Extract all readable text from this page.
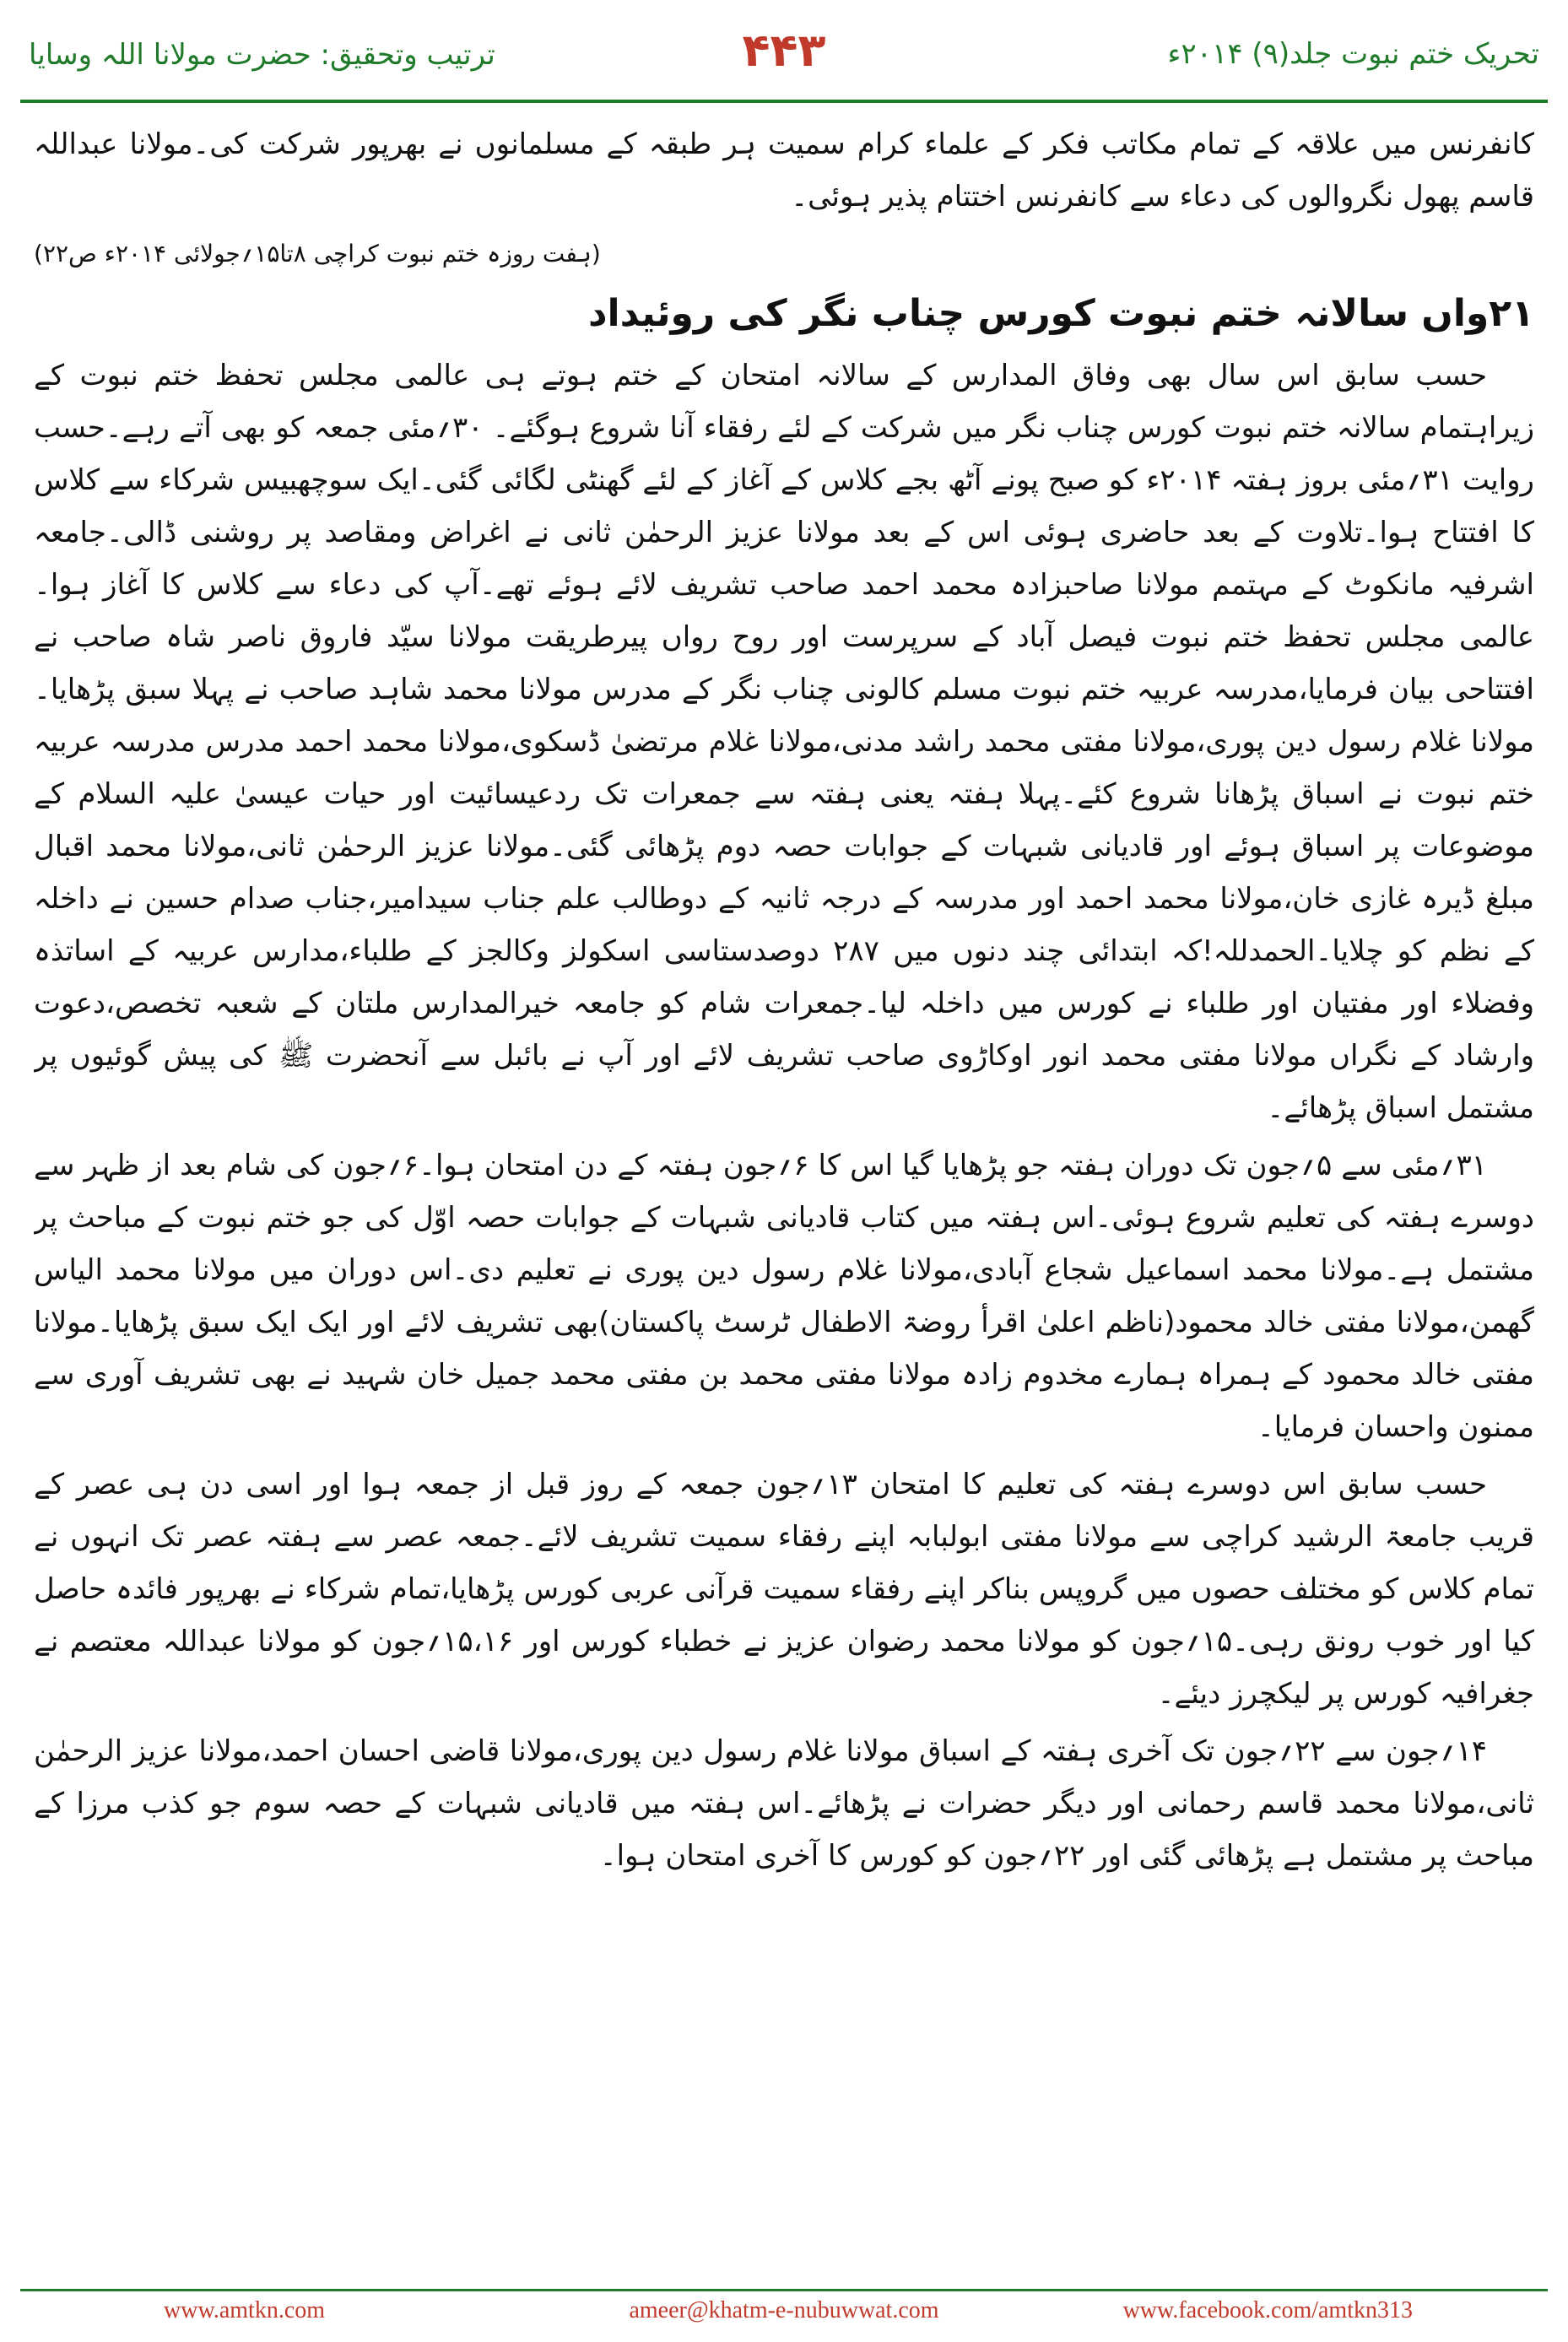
ترتیب وتحقیق: حضرت مولانا اللہ وسایا	۴۴۳	تحریک ختم نبوت جلد(۹) ۲۰۱۴ء

کانفرنس میں علاقہ کے تمام مکاتب فکر کے علماء کرام سمیت ہر طبقہ کے مسلمانوں نے بھرپور شرکت کی۔مولانا عبداللہ قاسم پھول نگروالوں کی دعاء سے کانفرنس اختتام پذیر ہوئی۔

(ہفت روزہ ختم نبوت کراچی ۸تا۱۵؍جولائی ۲۰۱۴ء ص۲۲)

۲۱واں سالانہ ختم نبوت کورس چناب نگر کی روئیداد

حسب سابق اس سال بھی وفاق المدارس کے سالانہ امتحان کے ختم ہوتے ہی عالمی مجلس تحفظ ختم نبوت کے زیراہتمام سالانہ ختم نبوت کورس چناب نگر میں شرکت کے لئے رفقاء آنا شروع ہوگئے۔ ۳۰؍مئی جمعہ کو بھی آتے رہے۔حسب روایت ۳۱؍مئی بروز ہفتہ ۲۰۱۴ء کو صبح پونے آٹھ بجے کلاس کے آغاز کے لئے گھنٹی لگائی گئی۔ایک سوچھبیس شرکاء سے کلاس کا افتتاح ہوا۔تلاوت کے بعد حاضری ہوئی اس کے بعد مولانا عزیز الرحمٰن ثانی نے اغراض ومقاصد پر روشنی ڈالی۔جامعہ اشرفیہ مانکوٹ کے مہتمم مولانا صاحبزادہ محمد احمد صاحب تشریف لائے ہوئے تھے۔آپ کی دعاء سے کلاس کا آغاز ہوا۔عالمی مجلس تحفظ ختم نبوت فیصل آباد کے سرپرست اور روح رواں پیرطریقت مولانا سیّد فاروق ناصر شاہ صاحب نے افتتاحی بیان فرمایا،مدرسہ عربیہ ختم نبوت مسلم کالونی چناب نگر کے مدرس مولانا محمد شاہد صاحب نے پہلا سبق پڑھایا۔مولانا غلام رسول دین پوری،مولانا مفتی محمد راشد مدنی،مولانا غلام مرتضیٰ ڈسکوی،مولانا محمد احمد مدرس مدرسہ عربیہ ختم نبوت نے اسباق پڑھانا شروع کئے۔پہلا ہفتہ یعنی ہفتہ سے جمعرات تک ردعیسائیت اور حیات عیسیٰ علیہ السلام کے موضوعات پر اسباق ہوئے اور قادیانی شبہات کے جوابات حصہ دوم پڑھائی گئی۔مولانا عزیز الرحمٰن ثانی،مولانا محمد اقبال مبلغ ڈیرہ غازی خان،مولانا محمد احمد اور مدرسہ کے درجہ ثانیہ کے دوطالب علم جناب سیدامیر،جناب صدام حسین نے داخلہ کے نظم کو چلایا۔الحمدللہ!کہ ابتدائی چند دنوں میں ۲۸۷ دوصدستاسی اسکولز وکالجز کے طلباء،مدارس عربیہ کے اساتذہ وفضلاء اور مفتیان اور طلباء نے کورس میں داخلہ لیا۔جمعرات شام کو جامعہ خیرالمدارس ملتان کے شعبہ تخصص،دعوت وارشاد کے نگراں مولانا مفتی محمد انور اوکاڑوی صاحب تشریف لائے اور آپ نے بائبل سے آنحضرت ﷺ کی پیش گوئیوں پر مشتمل اسباق پڑھائے۔

۳۱؍مئی سے ۵؍جون تک دوران ہفتہ جو پڑھایا گیا اس کا ۶؍جون ہفتہ کے دن امتحان ہوا۔۶؍جون کی شام بعد از ظہر سے دوسرے ہفتہ کی تعلیم شروع ہوئی۔اس ہفتہ میں کتاب قادیانی شبہات کے جوابات حصہ اوّل کی جو ختم نبوت کے مباحث پر مشتمل ہے۔مولانا محمد اسماعیل شجاع آبادی،مولانا غلام رسول دین پوری نے تعلیم دی۔اس دوران میں مولانا محمد الیاس گھمن،مولانا مفتی خالد محمود(ناظم اعلیٰ اقرأ روضۃ الاطفال ٹرسٹ پاکستان)بھی تشریف لائے اور ایک ایک سبق پڑھایا۔مولانا مفتی خالد محمود کے ہمراہ ہمارے مخدوم زادہ مولانا مفتی محمد بن مفتی محمد جمیل خان شہید نے بھی تشریف آوری سے ممنون واحسان فرمایا۔

حسب سابق اس دوسرے ہفتہ کی تعلیم کا امتحان ۱۳؍جون جمعہ کے روز قبل از جمعہ ہوا اور اسی دن ہی عصر کے قریب جامعۃ الرشید کراچی سے مولانا مفتی ابولبابہ اپنے رفقاء سمیت تشریف لائے۔جمعہ عصر سے ہفتہ عصر تک انہوں نے تمام کلاس کو مختلف حصوں میں گروپس بناکر اپنے رفقاء سمیت قرآنی عربی کورس پڑھایا،تمام شرکاء نے بھرپور فائدہ حاصل کیا اور خوب رونق رہی۔۱۵؍جون کو مولانا محمد رضوان عزیز نے خطباء کورس اور ۱۵،۱۶؍جون کو مولانا عبداللہ معتصم نے جغرافیہ کورس پر لیکچرز دیئے۔

۱۴؍جون سے ۲۲؍جون تک آخری ہفتہ کے اسباق مولانا غلام رسول دین پوری،مولانا قاضی احسان احمد،مولانا عزیز الرحمٰن ثانی،مولانا محمد قاسم رحمانی اور دیگر حضرات نے پڑھائے۔اس ہفتہ میں قادیانی شبہات کے حصہ سوم جو کذب مرزا کے مباحث پر مشتمل ہے پڑھائی گئی اور ۲۲؍جون کو کورس کا آخری امتحان ہوا۔

www.amtkn.com	ameer@khatm-e-nubuwwat.com	www.facebook.com/amtkn313
